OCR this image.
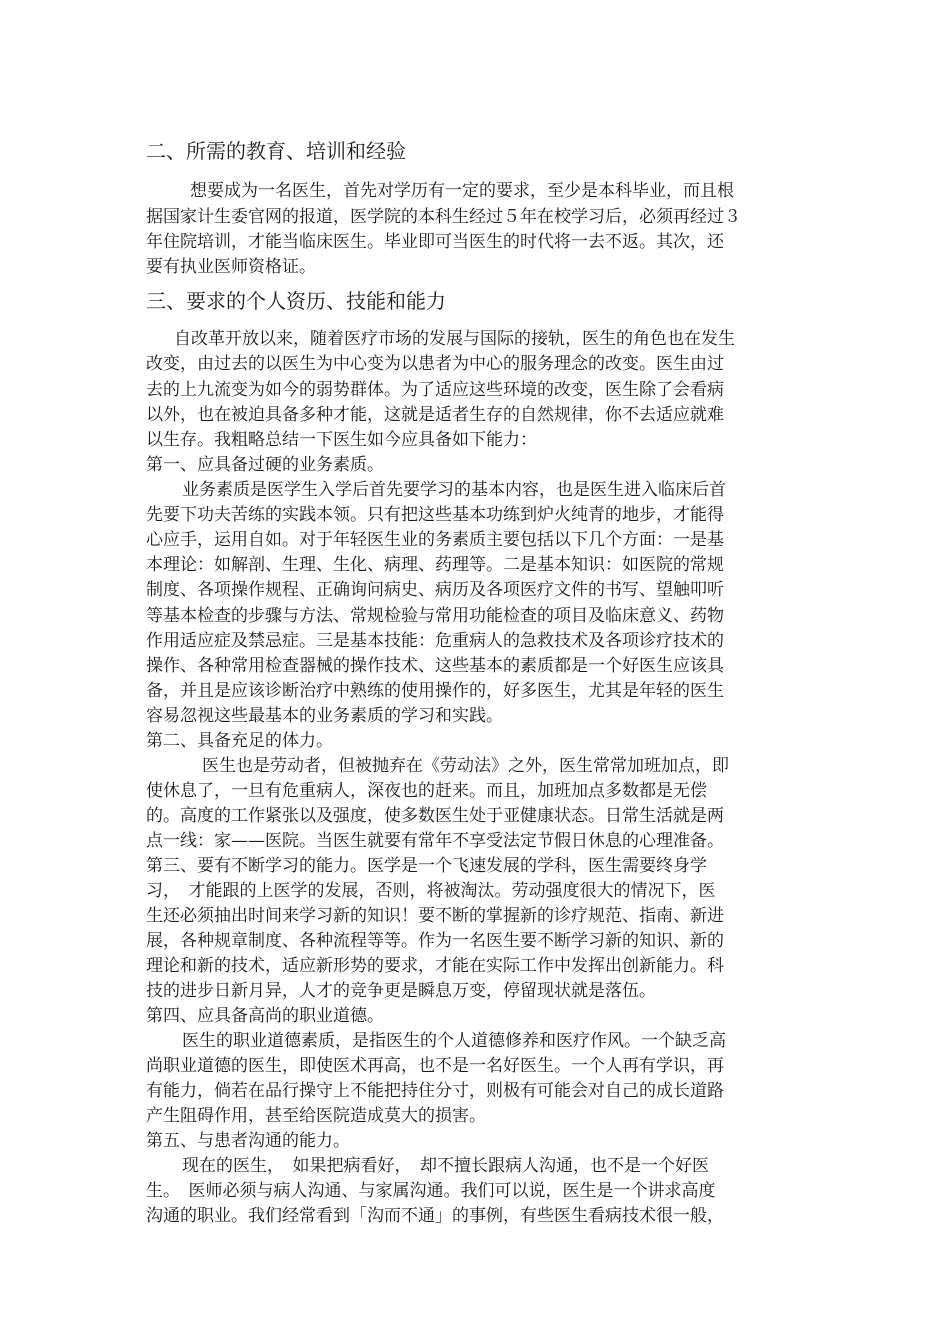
二、所需的教育、培训和经验

想要成为一名医生，首先对学历有一定的要求，至少是本科毕业，而且根

据国家计生委官网的报道，医学院的本科生经过５年在校学习后，必须再经过３

年住院培训，才能当临床医生。毕业即可当医生的时代将一去不返。其次，还

要有执业医师资格证。

三、要求的个人资历、技能和能力

自改革开放以来，随着医疗市场的发展与国际的接轨，医生的角色也在发生

改变，由过去的以医生为中心变为以患者为中心的服务理念的改变。医生由过

去的上九流变为如今的弱势群体。为了适应这些环境的改变，医生除了会看病

以外，也在被迫具备多种才能，这就是适者生存的自然规律，你不去适应就难

以生存。我粗略总结一下医生如今应具备如下能力：

第一、应具备过硬的业务素质。

业务素质是医学生入学后首先要学习的基本内容，也是医生进入临床后首

先要下功夫苦练的实践本领。只有把这些基本功练到炉火纯青的地步，才能得

心应手，运用自如。对于年轻医生业的务素质主要包括以下几个方面：一是基

本理论：如解剖、生理、生化、病理、药理等。二是基本知识：如医院的常规

制度、各项操作规程、正确询问病史、病历及各项医疗文件的书写、望触叩听

等基本检查的步骤与方法、常规检验与常用功能检查的项目及临床意义、药物

作用适应症及禁忌症。三是基本技能：危重病人的急救技术及各项诊疗技术的

操作、各种常用检查器械的操作技术、这些基本的素质都是一个好医生应该具

备，并且是应该诊断治疗中熟练的使用操作的，好多医生，尤其是年轻的医生

容易忽视这些最基本的业务素质的学习和实践。

第二、具备充足的体力。

医生也是劳动者，但被抛弃在《劳动法》之外，医生常常加班加点，即

使休息了，一旦有危重病人，深夜也的赶来。而且，加班加点多数都是无偿

的。高度的工作紧张以及强度，使多数医生处于亚健康状态。日常生活就是两

点一线：家——医院。当医生就要有常年不享受法定节假日休息的心理准备。

第三、要有不断学习的能力。医学是一个飞速发展的学科，医生需要终身学

习，　才能跟的上医学的发展，否则，将被淘汰。劳动强度很大的情况下，医

生还必须抽出时间来学习新的知识！要不断的掌握新的诊疗规范、指南、新进

展，各种规章制度、各种流程等等。作为一名医生要不断学习新的知识、新的

理论和新的技术，适应新形势的要求，才能在实际工作中发挥出创新能力。科

技的进步日新月异，人才的竞争更是瞬息万变，停留现状就是落伍。

第四、应具备高尚的职业道德。

医生的职业道德素质，是指医生的个人道德修养和医疗作风。一个缺乏高

尚职业道德的医生，即使医术再高，也不是一名好医生。一个人再有学识，再

有能力，倘若在品行操守上不能把持住分寸，则极有可能会对自己的成长道路

产生阻碍作用，甚至给医院造成莫大的损害。

第五、与患者沟通的能力。

现在的医生，　如果把病看好，　却不擅长跟病人沟通，也不是一个好医

生。　医师必须与病人沟通、与家属沟通。我们可以说，医生是一个讲求高度

沟通的职业。我们经常看到「沟而不通」的事例，有些医生看病技术很一般，
